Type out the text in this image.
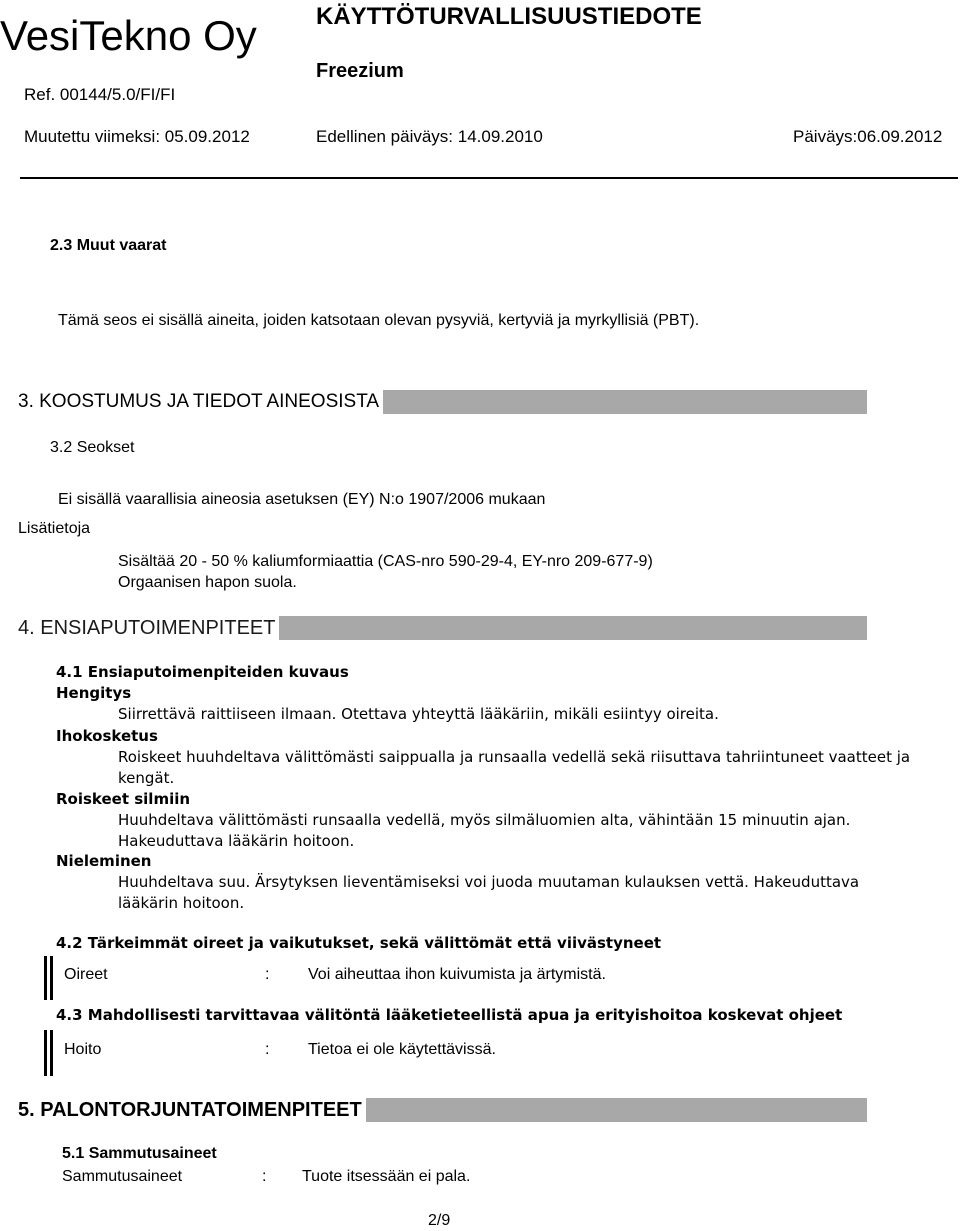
VesiTekno Oy KÄYTTÖTURVALLISUUSTIEDOTE
Freezium
Ref. 00144/5.0/FI/FI
Muutettu viimeksi: 05.09.2012	Edellinen päiväys: 14.09.2010	Päiväys:06.09.2012
2.3 Muut vaarat
Tämä seos ei sisällä aineita, joiden katsotaan olevan pysyviä, kertyviä ja myrkyllisiä (PBT).
3. KOOSTUMUS JA TIEDOT AINEOSISTA
3.2 Seokset
Ei sisällä vaarallisia aineosia asetuksen (EY) N:o 1907/2006 mukaan
Lisätietoja
Sisältää 20 - 50 % kaliumformiaattia (CAS-nro 590-29-4, EY-nro 209-677-9)
Orgaanisen hapon suola.
4. ENSIAPUTOIMENPITEET
4.1 Ensiaputoimenpiteiden kuvaus
Hengitys
Siirrettävä raittiiseen ilmaan. Otettava yhteyttä lääkäriin, mikäli esiintyy oireita.
Ihokosketus
Roiskeet huuhdeltava välittömästi saippualla ja runsaalla vedellä sekä riisuttava tahriintuneet vaatteet ja
kengät.
Roiskeet silmiin
Huuhdeltava välittömästi runsaalla vedellä, myös silmäluomien alta, vähintään 15 minuutin ajan.
Hakeuduttava lääkärin hoitoon.
Nieleminen
Huuhdeltava suu. Ärsytyksen lieventämiseksi voi juoda muutaman kulauksen vettä. Hakeuduttava
lääkärin hoitoon.
4.2 Tärkeimmät oireet ja vaikutukset, sekä välittömät että viivästyneet
Oireet	: Voi aiheuttaa ihon kuivumista ja ärtymistä.
4.3 Mahdollisesti tarvittavaa välitöntä lääketieteellistä apua ja erityishoitoa koskevat ohjeet
Hoito	: Tietoa ei ole käytettävissä.
5. PALONTORJUNTATOIMENPITEET
5.1 Sammutusaineet
Sammutusaineet	: Tuote itsessään ei pala.
2/9
